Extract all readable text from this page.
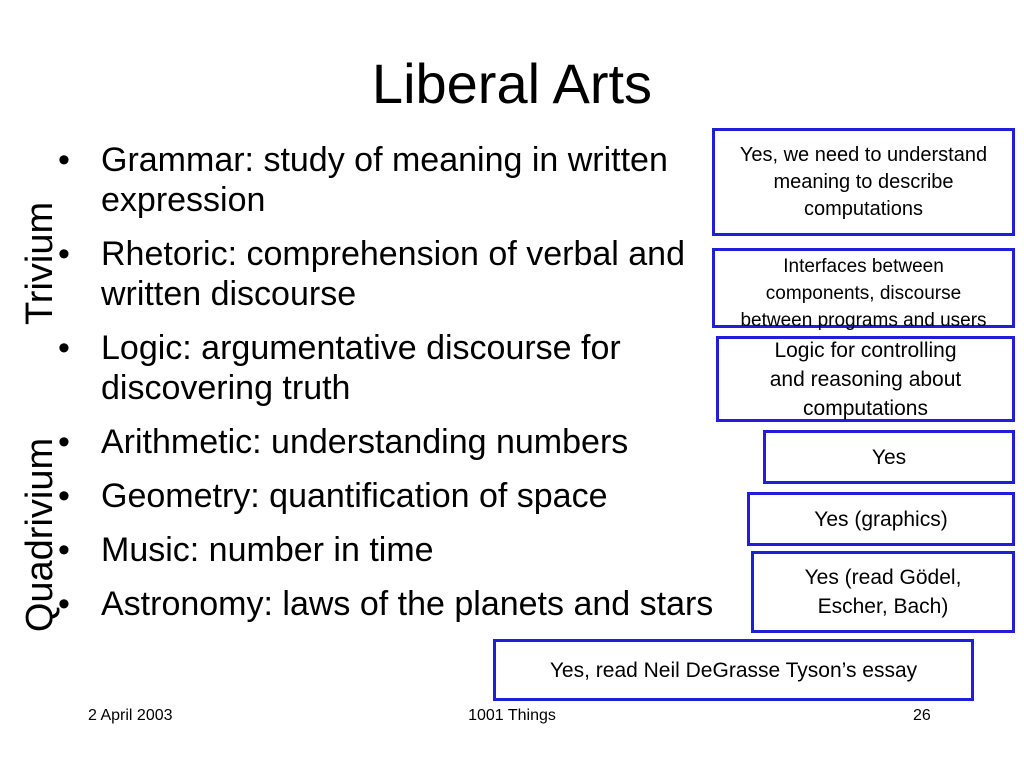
Liberal Arts
Trivium
Quadrivium
• Grammar: study of meaning in written expression
• Rhetoric: comprehension of verbal and written discourse
• Logic: argumentative discourse for discovering truth
• Arithmetic: understanding numbers
• Geometry: quantification of space
• Music: number in time
• Astronomy: laws of the planets and stars
Yes, we need to understand
meaning to describe
computations
Interfaces between
components, discourse
between programs and users
Logic for controlling
and reasoning about
computations
Yes
Yes (graphics)
Yes (read Gödel,
Escher, Bach)
Yes, read Neil DeGrasse Tyson’s essay
2 April 2003	1001 Things	26
